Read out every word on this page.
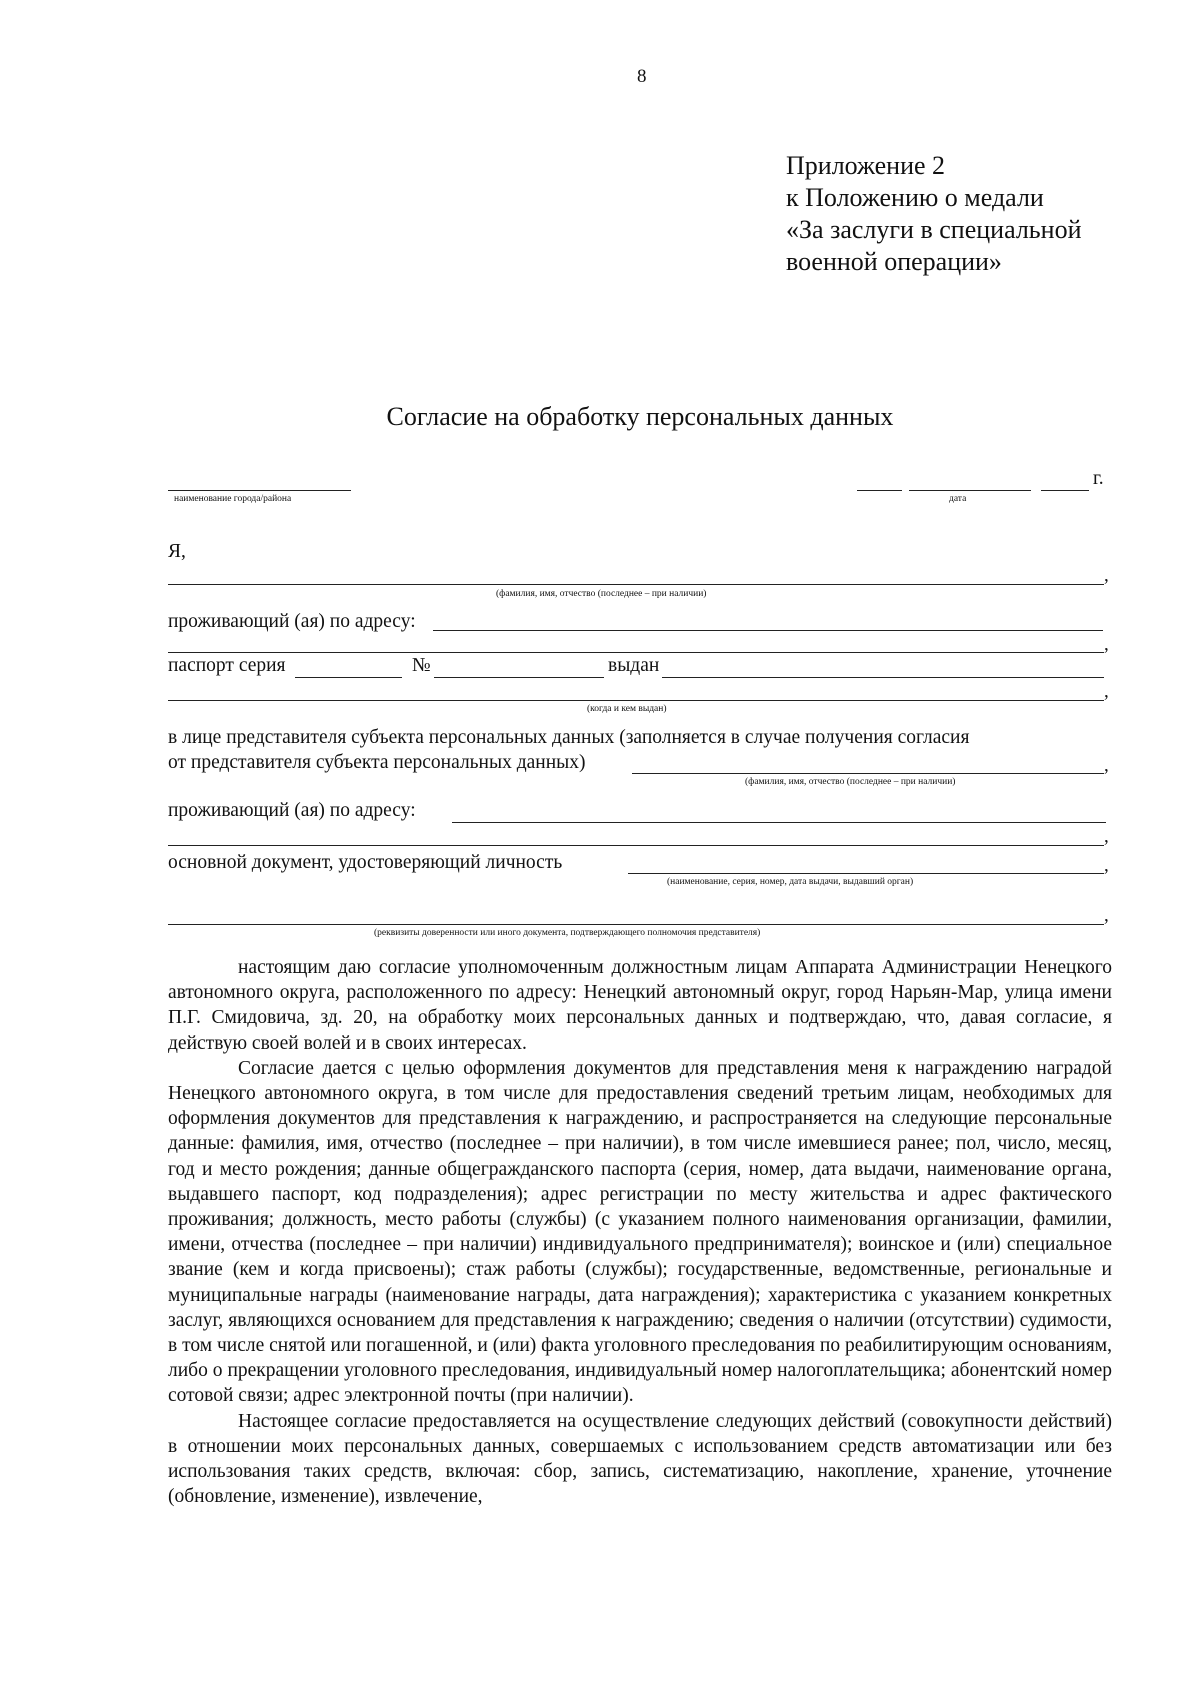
8
Приложение 2
к Положению о медали
«За заслуги в специальной
военной операции»
Согласие на обработку персональных данных
наименование города/района
г.
дата
Я,
,
(фамилия, имя, отчество (последнее – при наличии)
проживающий (ая) по адресу:
,
паспорт серия	№	выдан
,
(когда и кем выдан)
в лице представителя субъекта персональных данных (заполняется в случае получения согласия
от представителя субъекта персональных данных)	,
(фамилия, имя, отчество (последнее – при наличии)
проживающий (ая) по адресу:
,
основной документ, удостоверяющий личность	,
(наименование, серия, номер, дата выдачи, выдавший орган)
,
(реквизиты доверенности или иного документа, подтверждающего полномочия представителя)

настоящим даю согласие уполномоченным должностным лицам Аппарата Администрации Ненецкого автономного округа, расположенного по адресу: Ненецкий автономный округ, город Нарьян-Мар, улица имени П.Г. Смидовича, зд. 20, на обработку моих персональных данных и подтверждаю, что, давая согласие, я действую своей волей и в своих интересах.

Согласие дается с целью оформления документов для представления меня к награждению наградой Ненецкого автономного округа, в том числе для предоставления сведений третьим лицам, необходимых для оформления документов для представления к награждению, и распространяется на следующие персональные данные: фамилия, имя, отчество (последнее – при наличии), в том числе имевшиеся ранее; пол, число, месяц, год и место рождения; данные общегражданского паспорта (серия, номер, дата выдачи, наименование органа, выдавшего паспорт, код подразделения); адрес регистрации по месту жительства и адрес фактического проживания; должность, место работы (службы) (с указанием полного наименования организации, фамилии, имени, отчества (последнее – при наличии) индивидуального предпринимателя); воинское и (или) специальное звание (кем и когда присвоены); стаж работы (службы); государственные, ведомственные, региональные и муниципальные награды (наименование награды, дата награждения); характеристика с указанием конкретных заслуг, являющихся основанием для представления к награждению; сведения о наличии (отсутствии) судимости, в том числе снятой или погашенной, и (или) факта уголовного преследования по реабилитирующим основаниям, либо о прекращении уголовного преследования, индивидуальный номер налогоплательщика; абонентский номер сотовой связи; адрес электронной почты (при наличии).

Настоящее согласие предоставляется на осуществление следующих действий (совокупности действий) в отношении моих персональных данных, совершаемых с использованием средств автоматизации или без использования таких средств, включая: сбор, запись, систематизацию, накопление, хранение, уточнение (обновление, изменение), извлечение,
